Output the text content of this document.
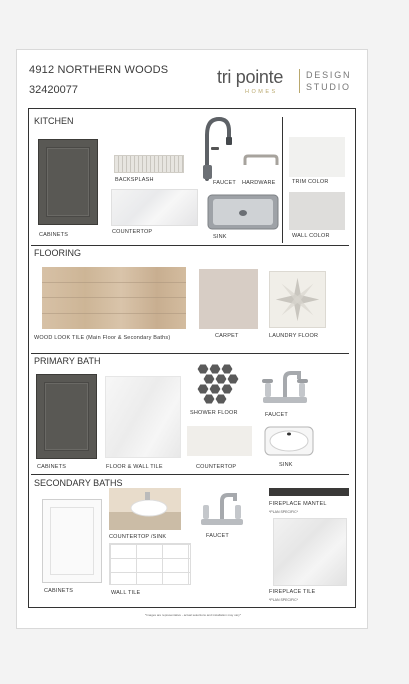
4912 NORTHERN WOODS
32420077
tri pointe
HOMES
DESIGN
STUDIO
KITCHEN
CABINETS
BACKSPLASH
COUNTERTOP
FAUCET HARDWARE
SINK
TRIM COLOR
WALL COLOR
FLOORING
WOOD LOOK TILE (Main Floor & Secondary Baths)	CARPET	LAUNDRY FLOOR
PRIMARY BATH
CABINETS	FLOOR & WALL TILE
SHOWER FLOOR	FAUCET
COUNTERTOP	SINK
SECONDARY BATHS
CABINETS
COUNTERTOP /SINK
WALL TILE
FAUCET
FIREPLACE MANTEL
*PLAN SPECIFIC*
FIREPLACE TILE
*PLAN SPECIFIC*
*Images are representative - actual selections and installation may vary*
